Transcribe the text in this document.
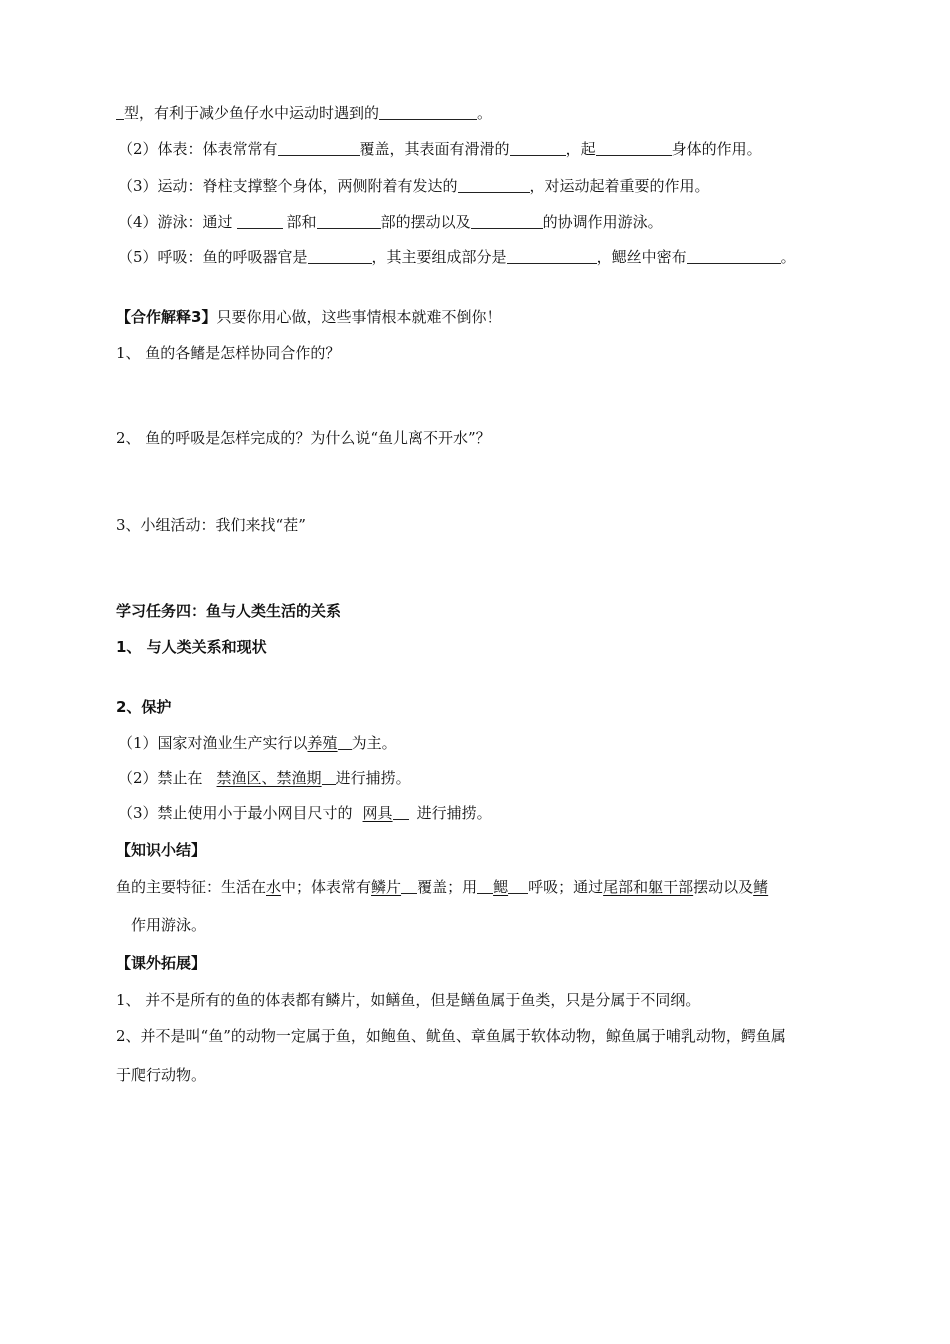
型，有利于减少鱼仔水中运动时遇到的	。
（2）体表：体表常常有	覆盖，其表面有滑滑的	，起	身体的作用。
（3）运动：脊柱支撑整个身体，两侧附着有发达的	，对运动起着重要的作用。
（4）游泳：通过	部和	部的摆动以及	的协调作用游泳。
（5）呼吸：鱼的呼吸器官是	，其主要组成部分是	，鳃丝中密布	。
【合作解释3】只要你用心做，这些事情根本就难不倒你！
1、 鱼的各鳍是怎样协同合作的？
2、 鱼的呼吸是怎样完成的？为什么说“鱼儿离不开水”？
3、小组活动：我们来找“茬”
学习任务四：鱼与人类生活的关系
1、 与人类关系和现状
2、保护
（1）国家对渔业生产实行以养殖 为主。
（2）禁止在 禁渔区、禁渔期 进行捕捞。
（3）禁止使用小于最小网目尺寸的 网具 进行捕捞。
【知识小结】
鱼的主要特征：生活在水中；体表常有鳞片 覆盖；用 鳃 呼吸；通过尾部和躯干部摆动以及鳍
作用游泳。
【课外拓展】
1、 并不是所有的鱼的体表都有鳞片，如鳝鱼，但是鳝鱼属于鱼类，只是分属于不同纲。
2、并不是叫“鱼”的动物一定属于鱼，如鲍鱼、鱿鱼、章鱼属于软体动物，鲸鱼属于哺乳动物，鳄鱼属
于爬行动物。
